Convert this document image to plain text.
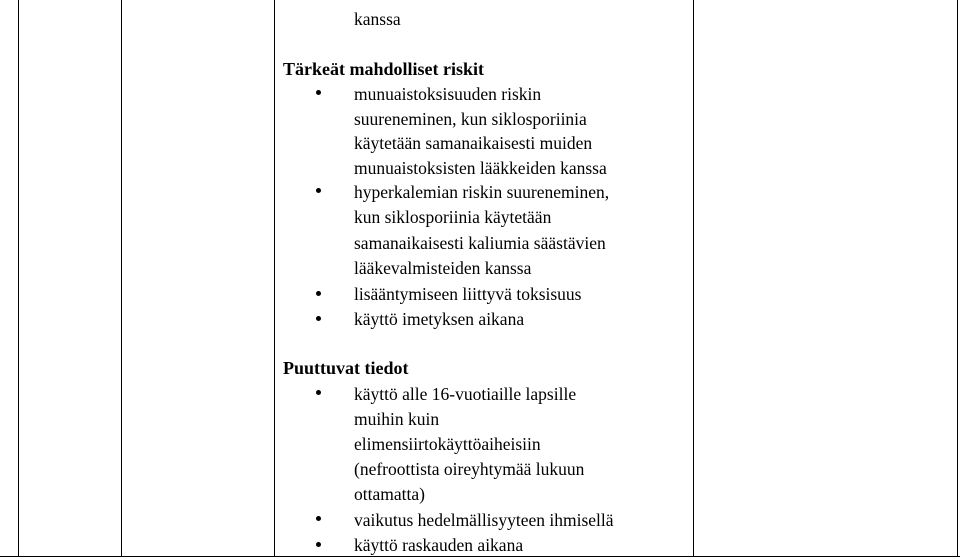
kanssa
Tärkeät mahdolliset riskit
munuaistoksisuuden riskin
suureneminen, kun siklosporiinia
käytetään samanaikaisesti muiden
munuaistoksisten lääkkeiden kanssa
hyperkalemian riskin suureneminen,
kun siklosporiinia käytetään
samanaikaisesti kaliumia säästävien
lääkevalmisteiden kanssa
lisääntymiseen liittyvä toksisuus
käyttö imetyksen aikana
Puuttuvat tiedot
käyttö alle 16-vuotiaille lapsille
muihin kuin
elimensiirtokäyttöaiheisiin
(nefroottista oireyhtymää lukuun
ottamatta)
vaikutus hedelmällisyyteen ihmisellä
käyttö raskauden aikana
